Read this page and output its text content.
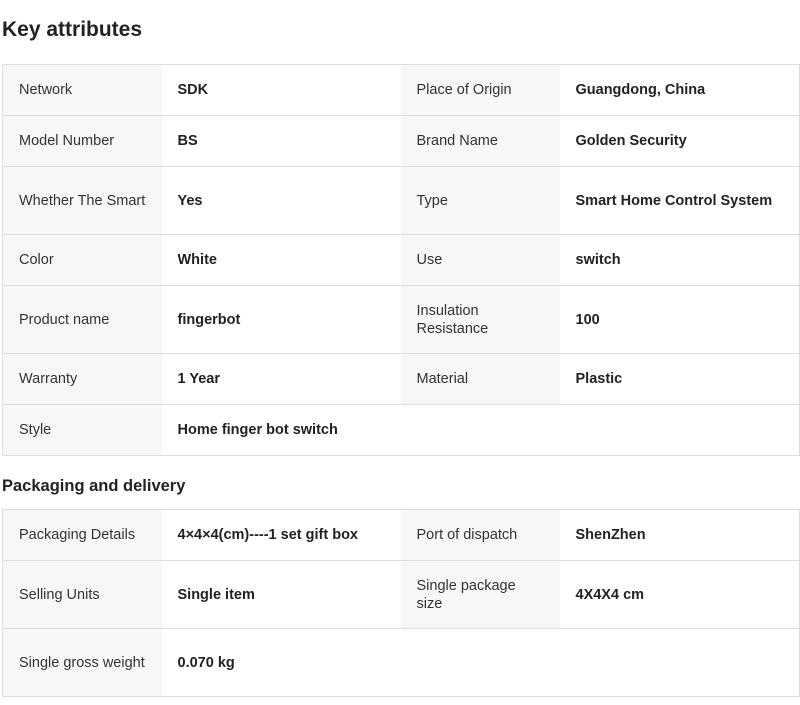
Key attributes
Network	SDK	Place of Origin	Guangdong, China
Model Number	BS	Brand Name	Golden Security
Whether The Smart	Yes	Type	Smart Home Control System
Color	White	Use	switch
Product name	fingerbot	Insulation Resistance	100
Warranty	1 Year	Material	Plastic
Style	Home finger bot switch		
Packaging and delivery
Packaging Details	4×4×4(cm)----1 set gift box	Port of dispatch	ShenZhen
Selling Units	Single item	Single package size	4X4X4 cm
Single gross weight	0.070 kg		
